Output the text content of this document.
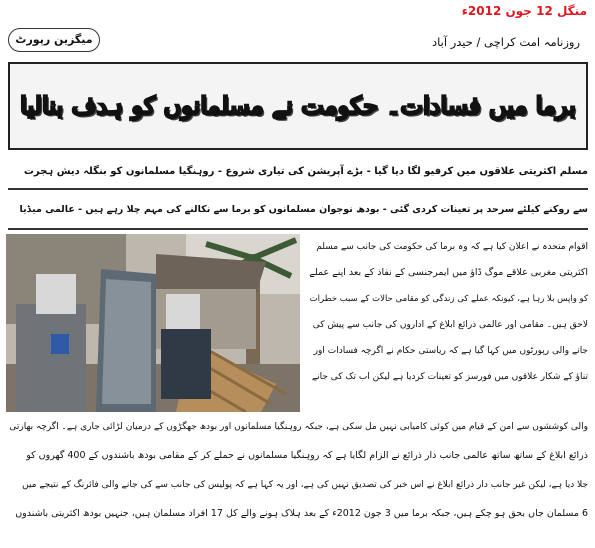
منگل 12 جون 2012ء
میگزین رپورٹ	روزنامہ امت کراچی / حیدر آباد
برما میں فسادات۔ حکومت نے مسلمانوں کو ہدف بنالیا
مسلم اکثریتی علاقوں میں کرفیو لگا دیا گیا - بڑے آپریشن کی تیاری شروع - روہنگیا مسلمانوں کو بنگلہ دیش ہجرت
سے روکنے کیلئے سرحد پر تعینات کردی گئی - بودھ نوجوان مسلمانوں کو برما سے نکالنے کی مہم چلا رہے ہیں - عالمی میڈیا
اقوام متحدہ نے اعلان کیا ہے کہ وہ برما کی حکومت کی جانب سے مسلم
اکثریتی مغربی علاقے موگ ڈاؤ میں ایمرجنسی کے نفاذ کے بعد اپنے عملے
کو واپس بلا رہا ہے، کیونکہ عملے کی زندگی کو مقامی حالات کے سبب خطرات
لاحق ہیں۔ مقامی اور عالمی ذرائع ابلاغ کے اداروں کی جانب سے پیش کی
جانے والی رپورٹوں میں کہا گیا ہے کہ ریاستی حکام نے اگرچہ فسادات اور
تناؤ کے شکار علاقوں میں فورسز کو تعینات کردیا ہے لیکن اب تک کی جانے
والی کوششوں سے امن کے قیام میں کوئی کامیابی نہیں مل سکی ہے، جبکہ روہنگیا مسلمانوں اور بودھ جھگڑوں کے درمیان لڑائی جاری ہے۔ اگرچہ بھارتی
ذرائع ابلاغ کے ساتھ ساتھ عالمی جانب دار ذرائع نے الزام لگایا ہے کہ روہنگیا مسلمانوں نے حملے کر کے مقامی بودھ باشندوں کے 400 گھروں کو
جلا دیا ہے، لیکن غیر جانب دار ذرائع ابلاغ نے اس خبر کی تصدیق نہیں کی ہے، اور یہ کہا ہے کہ پولیس کی جانب سے کی جانے والی فائرنگ کے نتیجے میں
6 مسلمان جاں بحق ہو چکے ہیں، جبکہ برما میں 3 جون 2012ء کے بعد ہلاک ہونے والے کل 17 افراد مسلمان ہیں، جنہیں بودھ اکثریتی باشندوں
